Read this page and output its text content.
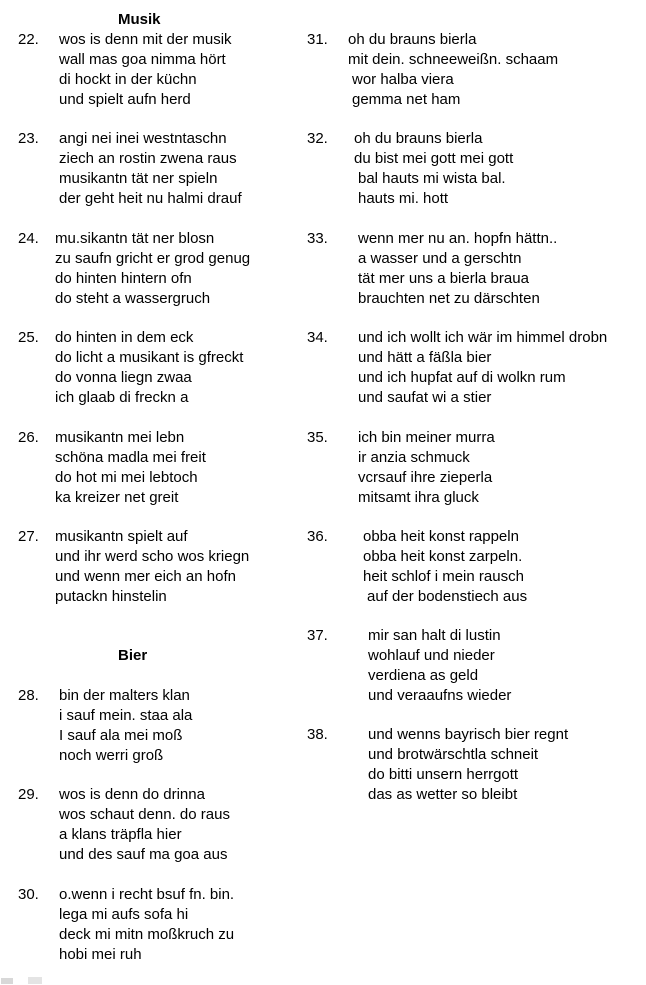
Musik
Bier
22. wos is denn mit der musik
wall mas goa nimma hört
di hockt in der küchn
und spielt aufn herd
23. angi nei inei westntaschn
ziech an rostin zwena raus
musikantn tät ner spieln
der geht heit nu halmi drauf
24. mu.sikantn tät ner blosn
zu saufn gricht er grod genug
do hinten hintern ofn
do steht a wassergruch
25. do hinten in dem eck
do licht a musikant is gfreckt
do vonna liegn zwaa
ich glaab di freckn a
26. musikantn mei lebn
schöna madla mei freit
do hot mi mei lebtoch
ka kreizer net greit
27. musikantn spielt auf
und ihr werd scho wos kriegn
und wenn mer eich an hofn
putackn hinstelin
28. bin der malters klan
i sauf mein. staa ala
I sauf ala mei moß
noch werri groß
29. wos is denn do drinna
wos schaut denn. do raus
a klans träpfla hier
und des sauf ma goa aus
30. o.wenn i recht bsuf fn. bin.
lega mi aufs sofa hi
deck mi mitn moßkruch zu
hobi mei ruh
31. oh du brauns bierla
mit dein. schneeweißn. schaam
wor halba viera
gemma net ham
32. oh du brauns bierla
du bist mei gott mei gott
bal hauts mi wista bal.
hauts mi. hott
33. wenn mer nu an. hopfn hättn..
a wasser und a gerschtn
tät mer uns a bierla braua
brauchten net zu därschten
34. und ich wollt ich wär im himmel drobn
und hätt a fäßla bier
und ich hupfat auf di wolkn rum
und saufat wi a stier
35. ich bin meiner murra
ir anzia schmuck
vcrsauf ihre zieperla
mitsamt ihra gluck
36. obba heit konst rappeln
obba heit konst zarpeln.
heit schlof i mein rausch
auf der bodenstiech aus
37.	mir san halt di lustin
wohlauf und nieder
verdiena as geld
und veraaufns wieder
38.	und wenns bayrisch bier regnt
und brotwärschtla schneit
do bitti unsern herrgott
das as wetter so bleibt
